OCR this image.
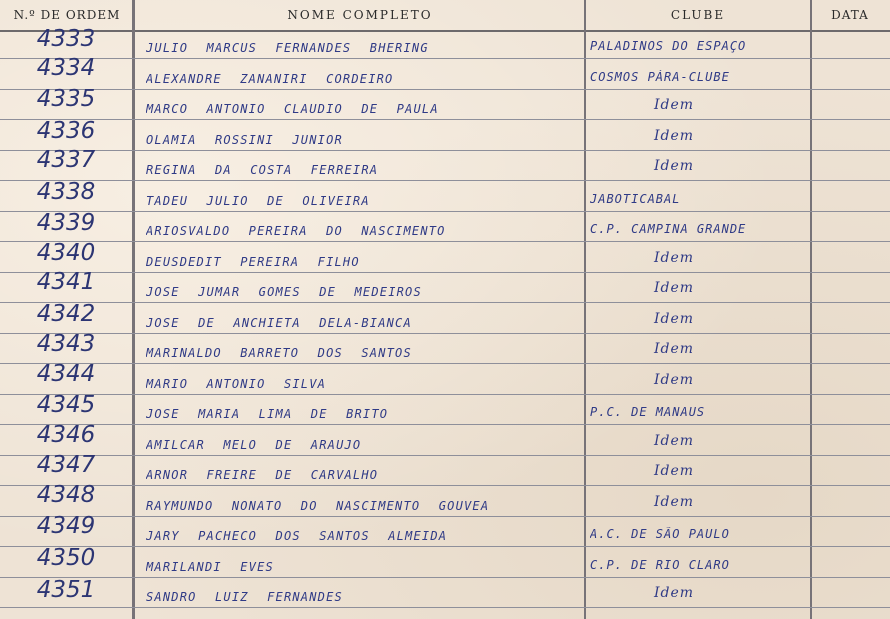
N.º DE ORDEM	NOME COMPLETO	CLUBE	DATA
4333	JULIO MARCUS FERNANDES BHERING	PALADINOS DO ESPAÇO
4334	ALEXANDRE ZANANIRI CORDEIRO	COSMOS PÁRA-CLUBE
4335	MARCO ANTONIO CLAUDIO DE PAULA	Idem
4336	OLAMIA ROSSINI JUNIOR	Idem
4337	REGINA DA COSTA FERREIRA	Idem
4338	TADEU JULIO DE OLIVEIRA	JABOTICABAL
4339	ARIOSVALDO PEREIRA DO NASCIMENTO	C.P. CAMPINA GRANDE
4340	DEUSDEDIT PEREIRA FILHO	Idem
4341	JOSE JUMAR GOMES DE MEDEIROS	Idem
4342	JOSE DE ANCHIETA DELA-BIANCA	Idem
4343	MARINALDO BARRETO DOS SANTOS	Idem
4344	MARIO ANTONIO SILVA	Idem
4345	JOSE MARIA LIMA DE BRITO	P.C. DE MANAUS
4346	AMILCAR MELO DE ARAUJO	Idem
4347	ARNOR FREIRE DE CARVALHO	Idem
4348	RAYMUNDO NONATO DO NASCIMENTO GOUVEA	Idem
4349	JARY PACHECO DOS SANTOS ALMEIDA	A.C. DE SÃO PAULO
4350	MARILANDI EVES	C.P. DE RIO CLARO
4351	SANDRO LUIZ FERNANDES	Idem
